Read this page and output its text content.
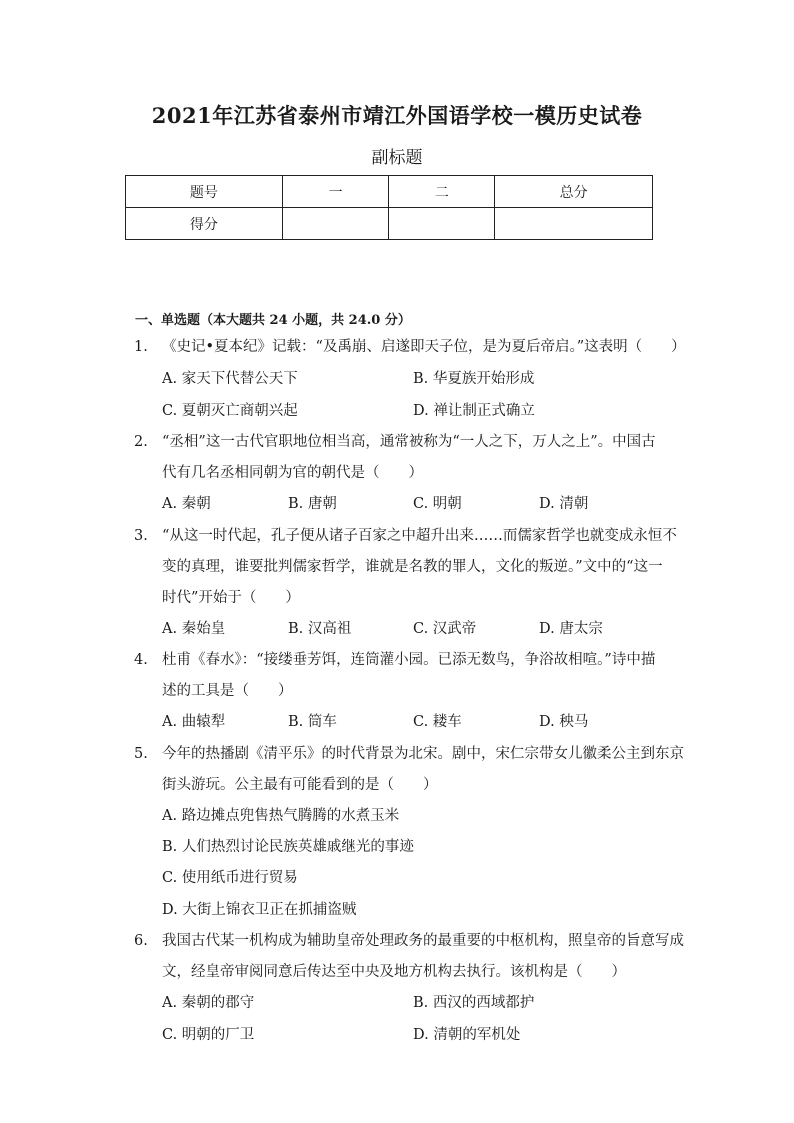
2021年江苏省泰州市靖江外国语学校一模历史试卷
副标题
题号	一	二	总分
得分			
一、单选题（本大题共 24 小题，共 24.0 分）
1. 《史记•夏本纪》记载：“及禹崩、启遂即天子位，是为夏后帝启。”这表明（　　）
A. 家天下代替公天下	B. 华夏族开始形成
C. 夏朝灭亡商朝兴起	D. 禅让制正式确立
2. “丞相”这一古代官职地位相当高，通常被称为“一人之下，万人之上”。中国古
代有几名丞相同朝为官的朝代是（　　）
A. 秦朝	B. 唐朝	C. 明朝	D. 清朝
3. “从这一时代起，孔子便从诸子百家之中超升出来……而儒家哲学也就变成永恒不
变的真理，谁要批判儒家哲学，谁就是名教的罪人，文化的叛逆。”文中的“这一
时代”开始于（　　）
A. 秦始皇	B. 汉高祖	C. 汉武帝	D. 唐太宗
4. 杜甫《春水》：“接缕垂芳饵，连筒灌小园。已添无数鸟，争浴故相喧。”诗中描
述的工具是（　　）
A. 曲辕犁	B. 筒车	C. 耧车	D. 秧马
5. 今年的热播剧《清平乐》的时代背景为北宋。剧中，宋仁宗带女儿徽柔公主到东京
街头游玩。公主最有可能看到的是（　　）
A. 路边摊点兜售热气腾腾的水煮玉米
B. 人们热烈讨论民族英雄戚继光的事迹
C. 使用纸币进行贸易
D. 大街上锦衣卫正在抓捕盗贼
6. 我国古代某一机构成为辅助皇帝处理政务的最重要的中枢机构，照皇帝的旨意写成
文，经皇帝审阅同意后传达至中央及地方机构去执行。该机构是（　　）
A. 秦朝的郡守	B. 西汉的西域都护
C. 明朝的厂卫	D. 清朝的军机处
